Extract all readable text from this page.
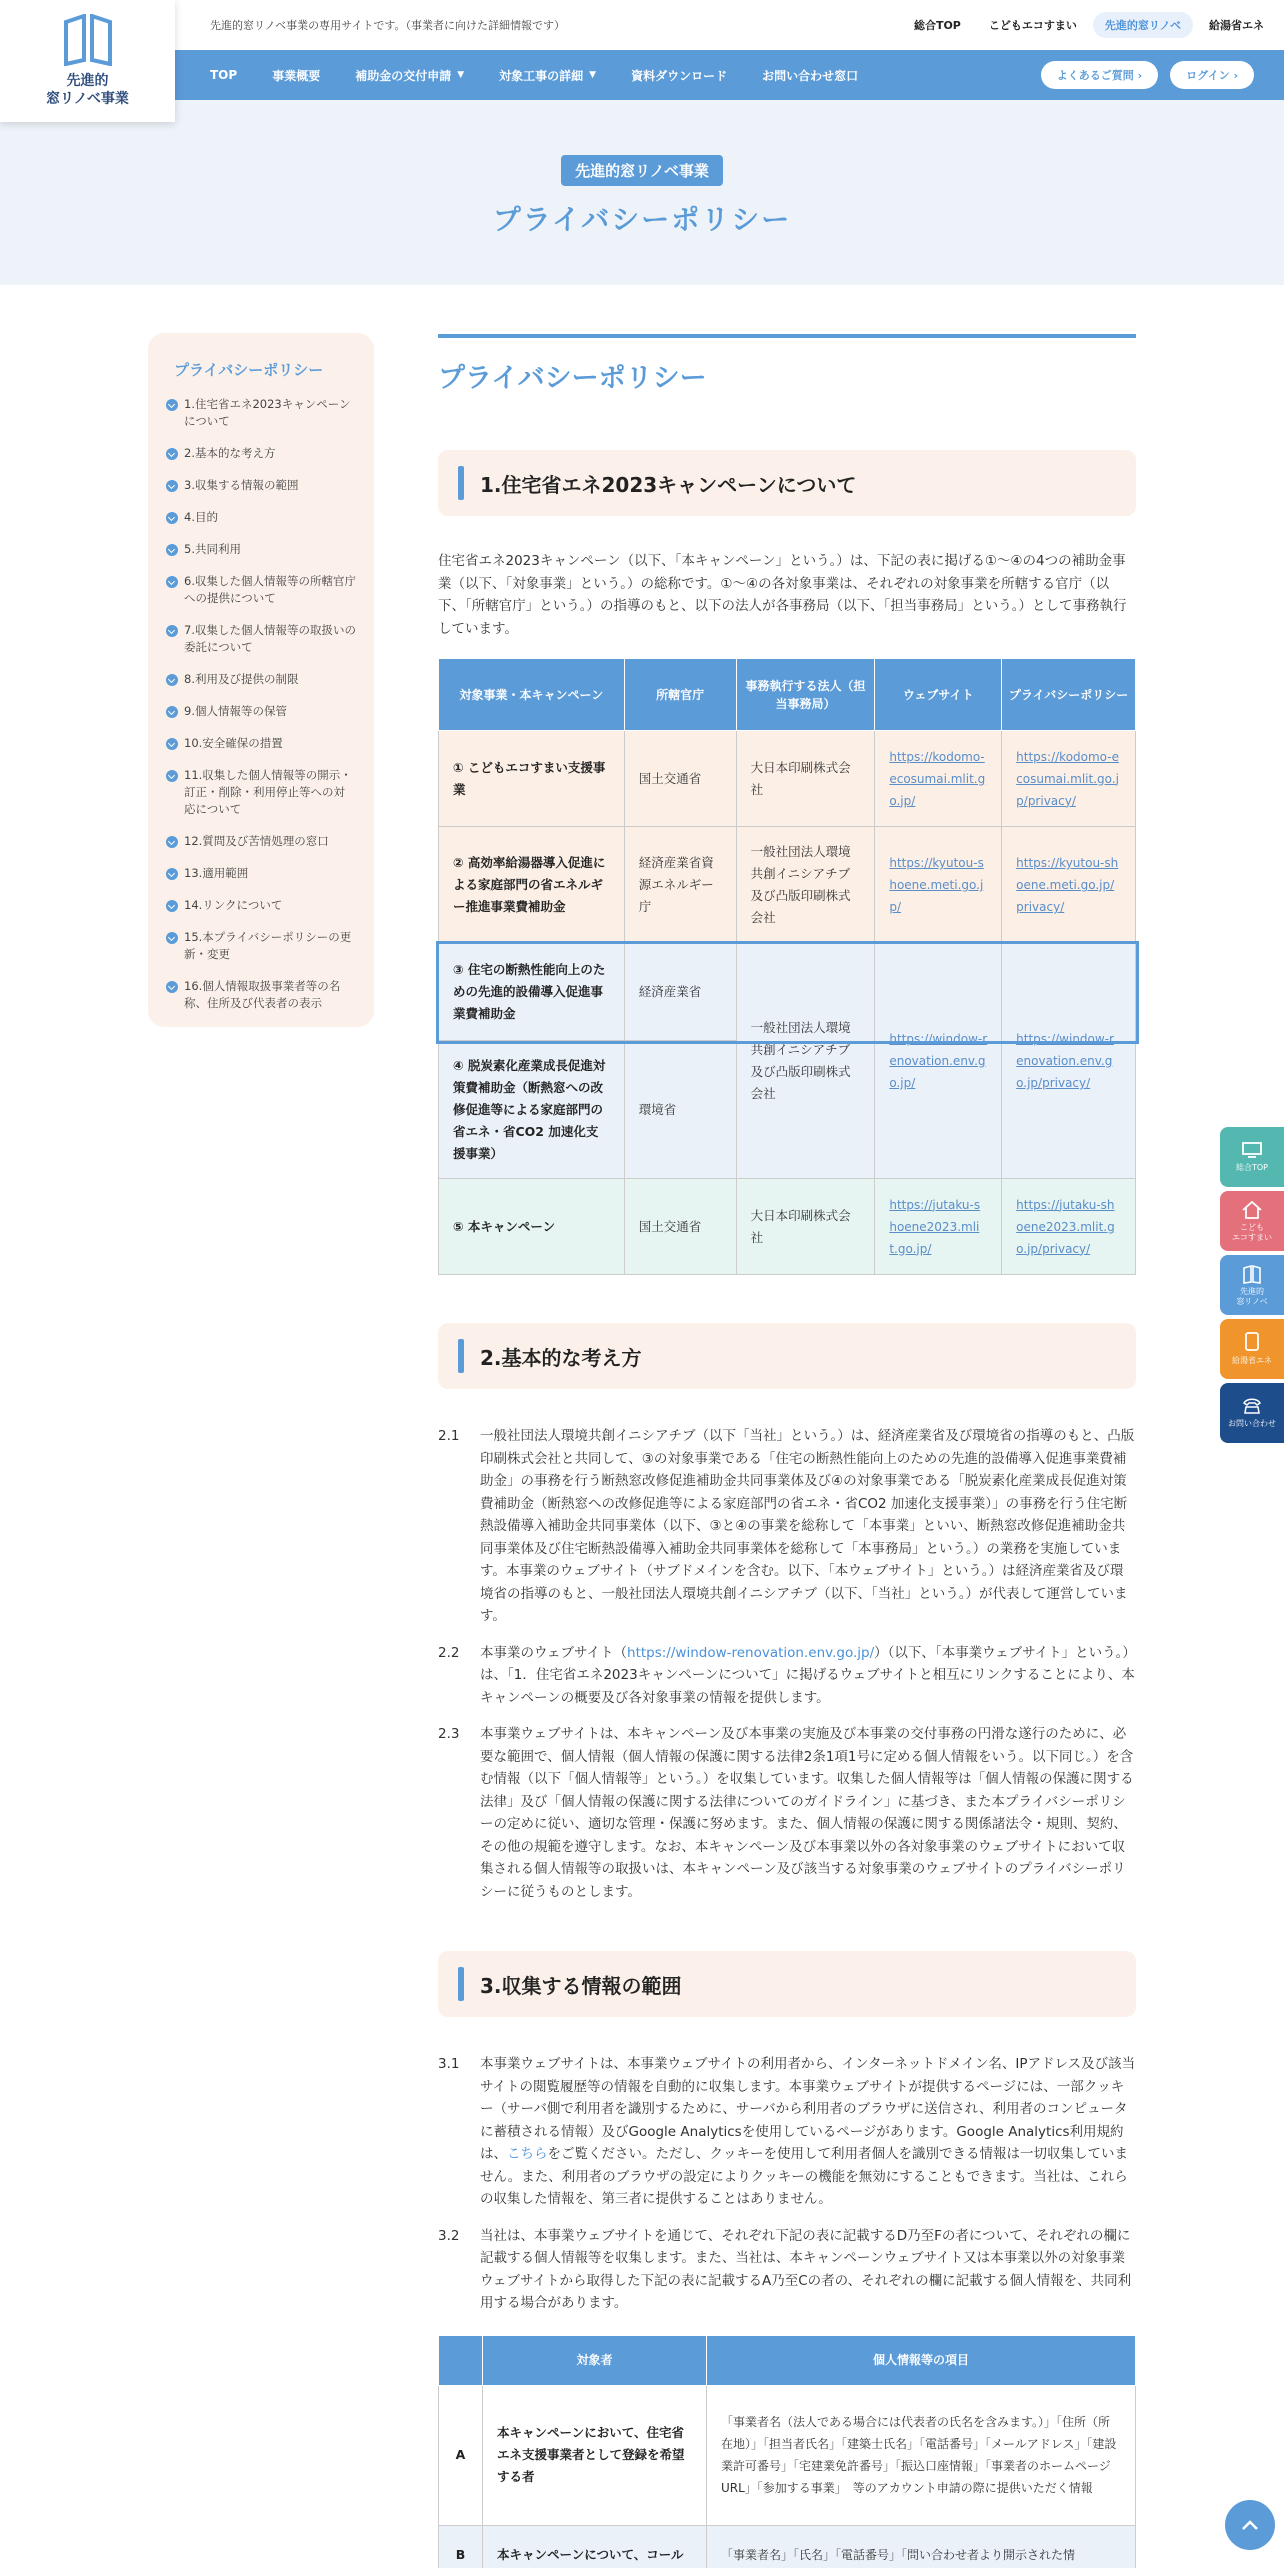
先進的
窓リノベ事業
先進的窓リノベ事業の専用サイトです。（事業者に向けた詳細情報です）	総合TOP	こどもエコすまい	先進的窓リノベ	給湯省エネ
TOP	事業概要	補助金の交付申請 ▼	対象工事の詳細 ▼	資料ダウンロード	お問い合わせ窓口	よくあるご質問 ›	ログイン ›
先進的窓リノベ事業
プライバシーポリシー
プライバシーポリシー
1.住宅省エネ2023キャンペーンについて
2.基本的な考え方
3.収集する情報の範囲
4.目的
5.共同利用
6.収集した個人情報等の所轄官庁への提供について
7.収集した個人情報等の取扱いの委託について
8.利用及び提供の制限
9.個人情報等の保管
10.安全確保の措置
11.収集した個人情報等の開示・訂正・削除・利用停止等への対応について
12.質問及び苦情処理の窓口
13.適用範囲
14.リンクについて
15.本プライバシーポリシーの更新・変更
16.個人情報取扱事業者等の名称、住所及び代表者の表示
プライバシーポリシー
1.住宅省エネ2023キャンペーンについて

住宅省エネ2023キャンペーン（以下、「本キャンペーン」という。）は、下記の表に掲げる①〜④の4つの補助金事業（以下、「対象事業」という。）の総称です。①〜④の各対象事業は、それぞれの対象事業を所轄する官庁（以下、「所轄官庁」という。）の指導のもと、以下の法人が各事務局（以下、「担当事務局」という。）として事務執行しています。

対象事業・本キャンペーン	所轄官庁	事務執行する法人（担当事務局）	ウェブサイト	プライバシーポリシー
① こどもエコすまい支援事業	国土交通省	大日本印刷株式会社	https://kodomo-ecosumai.mlit.go.jp/	https://kodomo-ecosumai.mlit.go.jp/privacy/
② 高効率給湯器導入促進による家庭部門の省エネルギー推進事業費補助金	経済産業省資源エネルギー庁	一般社団法人環境共創イニシアチブ及び凸版印刷株式会社	https://kyutou-shoene.meti.go.jp/	https://kyutou-shoene.meti.go.jp/privacy/
③ 住宅の断熱性能向上のための先進的設備導入促進事業費補助金	経済産業省	一般社団法人環境共創イニシアチブ及び凸版印刷株式会社	https://window-renovation.env.go.jp/	https://window-renovation.env.go.jp/privacy/
④ 脱炭素化産業成長促進対策費補助金（断熱窓への改修促進等による家庭部門の省エネ・省CO2 加速化支援事業）	環境省			
⑤ 本キャンペーン	国土交通省	大日本印刷株式会社	https://jutaku-shoene2023.mlit.go.jp/	https://jutaku-shoene2023.mlit.go.jp/privacy/
2.基本的な考え方
2.1	一般社団法人環境共創イニシアチブ（以下「当社」という。）は、経済産業省及び環境省の指導のもと、凸版印刷株式会社と共同して、③の対象事業である「住宅の断熱性能向上のための先進的設備導入促進事業費補助金」の事務を行う断熱窓改修促進補助金共同事業体及び④の対象事業である「脱炭素化産業成長促進対策費補助金（断熱窓への改修促進等による家庭部門の省エネ・省CO2 加速化支援事業）」の事務を行う住宅断熱設備導入補助金共同事業体（以下、③と④の事業を総称して「本事業」といい、断熱窓改修促進補助金共同事業体及び住宅断熱設備導入補助金共同事業体を総称して「本事務局」という。）の業務を実施しています。本事業のウェブサイト（サブドメインを含む。以下、「本ウェブサイト」という。）は経済産業省及び環境省の指導のもと、一般社団法人環境共創イニシアチブ（以下、「当社」という。）が代表して運営しています。
2.2	本事業のウェブサイト（https://window-renovation.env.go.jp/）（以下、「本事業ウェブサイト」という。）は、「1．住宅省エネ2023キャンペーンについて」に掲げるウェブサイトと相互にリンクすることにより、本キャンペーンの概要及び各対象事業の情報を提供します。
2.3	本事業ウェブサイトは、本キャンペーン及び本事業の実施及び本事業の交付事務の円滑な遂行のために、必要な範囲で、個人情報（個人情報の保護に関する法律2条1項1号に定める個人情報をいう。以下同じ。）を含む情報（以下「個人情報等」という。）を収集しています。収集した個人情報等は「個人情報の保護に関する法律」及び「個人情報の保護に関する法律についてのガイドライン」に基づき、また本プライバシーポリシーの定めに従い、適切な管理・保護に努めます。また、個人情報の保護に関する関係諸法令・規則、契約、その他の規範を遵守します。なお、本キャンペーン及び本事業以外の各対象事業のウェブサイトにおいて収集される個人情報等の取扱いは、本キャンペーン及び該当する対象事業のウェブサイトのプライバシーポリシーに従うものとします。
3.収集する情報の範囲
3.1	本事業ウェブサイトは、本事業ウェブサイトの利用者から、インターネットドメイン名、IPアドレス及び該当サイトの閲覧履歴等の情報を自動的に収集します。本事業ウェブサイトが提供するページには、一部クッキー（サーバ側で利用者を識別するために、サーバから利用者のブラウザに送信され、利用者のコンピュータに蓄積される情報）及びGoogle Analyticsを使用しているページがあります。Google Analytics利用規約は、こちらをご覧ください。ただし、クッキーを使用して利用者個人を識別できる情報は一切収集していません。また、利用者のブラウザの設定によりクッキーの機能を無効にすることもできます。当社は、これらの収集した情報を、第三者に提供することはありません。
3.2	当社は、本事業ウェブサイトを通じて、それぞれ下記の表に記載するD乃至Fの者について、それぞれの欄に記載する個人情報等を収集します。また、当社は、本キャンペーンウェブサイト又は本事業以外の対象事業ウェブサイトから取得した下記の表に記載するA乃至Cの者の、それぞれの欄に記載する個人情報を、共同利用する場合があります。
	対象者	個人情報等の項目
A	本キャンペーンにおいて、住宅省エネ支援事業者として登録を希望する者	「事業者名（法人である場合には代表者の氏名を含みます。）」「住所（所在地）」「担当者氏名」「建築士氏名」「電話番号」「メールアドレス」「建設業許可番号」「宅建業免許番号」「振込口座情報」「事業者のホームページURL」「参加する事業」　等のアカウント申請の際に提供いただく情報
B	本キャンペーンについて、コール	「事業者名」「氏名」「電話番号」「問い合わせ者より開示された情
総合TOP
こども
エコすまい
先進的
窓リノベ
給湯省エネ
お問い合わせ
